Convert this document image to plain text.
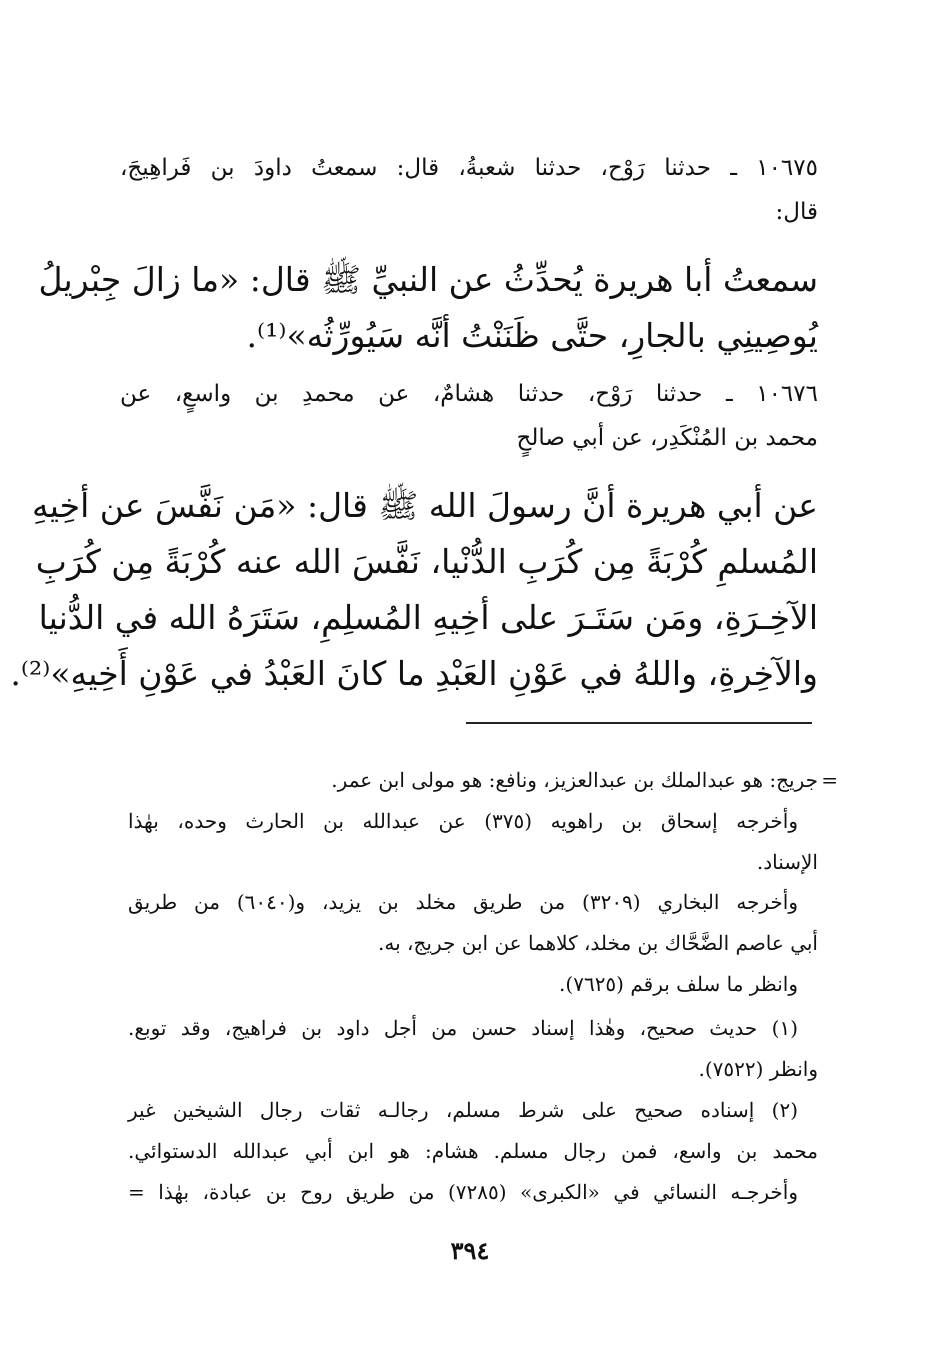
١٠٦٧٥ ـ حدثنا رَوْح، حدثنا شعبةُ، قال: سمعتُ داودَ بن فَراهِيجَ،
قال:
سمعتُ أبا هريرة يُحدِّثُ عن النبيِّ ﷺ قال: «ما زالَ جِبْريلُ
يُوصِينِي بالجارِ، حتَّى ظَنَنْتُ أنَّه سَيُورِّثُه»⁽¹⁾.
١٠٦٧٦ ـ حدثنا رَوْح، حدثنا هشامٌ، عن محمدِ بن واسعٍ، عن
محمد بن المُنْكَدِر، عن أبي صالحٍ
عن أبي هريرة أنَّ رسولَ الله ﷺ قال: «مَن نَفَّسَ عن أخِيهِ
المُسلمِ كُرْبَةً مِن كُرَبِ الدُّنْيا، نَفَّسَ الله عنه كُرْبَةً مِن كُرَبِ
الآخِـرَةِ، ومَن سَتَـرَ على أخِيهِ المُسلِمِ، سَتَرَهُ الله في الدُّنيا
والآخِرةِ، واللهُ في عَوْنِ العَبْدِ ما كانَ العَبْدُ في عَوْنِ أَخِيهِ»⁽²⁾.
=
جريج: هو عبدالملك بن عبدالعزيز، ونافع: هو مولى ابن عمر.
وأخرجه إسحاق بن راهويه (٣٧٥) عن عبدالله بن الحارث وحده، بهٰذا
الإسناد.
وأخرجه البخاري (٣٢٠٩) من طريق مخلد بن يزيد، و(٦٠٤٠) من طريق
أبي عاصم الضَّحَّاك بن مخلد، كلاهما عن ابن جريج، به.
وانظر ما سلف برقم (٧٦٢٥).
(١) حديث صحيح، وهٰذا إسناد حسن من أجل داود بن فراهيج، وقد توبع.
وانظر (٧٥٢٢).
(٢) إسناده صحيح على شرط مسلم، رجالـه ثقات رجال الشيخين غير
محمد بن واسع، فمن رجال مسلم. هشام: هو ابن أبي عبدالله الدستوائي.
وأخرجـه النسائي في «الكبرى» (٧٢٨٥) من طريق روح بن عبادة، بهٰذا =
٣٩٤
